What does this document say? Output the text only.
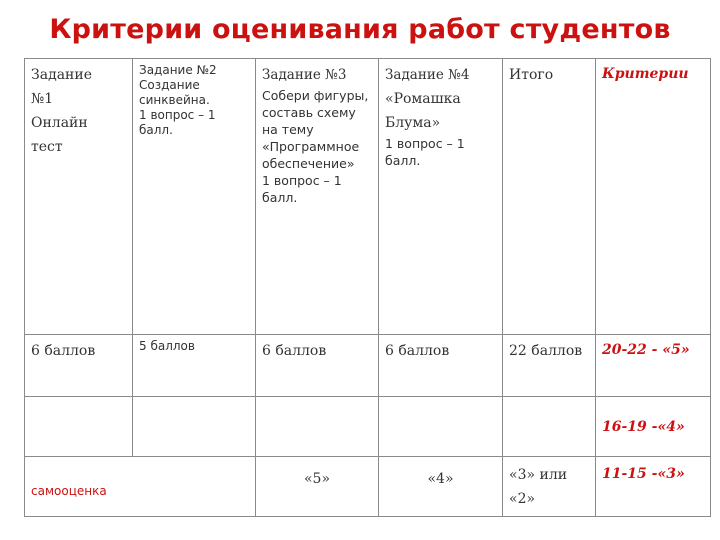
Критерии оценивания работ студентов
Задание
№1
Онлайн
тест	Задание №2
Создание синквейна.
1 вопрос – 1 балл.	Задание №3
Собери фигуры, составь схему на тему «Программное обеспечение»
1 вопрос – 1 балл.	Задание №4
«Ромашка Блума»
1 вопрос – 1 балл.	Итого	Критерии

6 баллов	5 баллов	6 баллов	6 баллов	22 баллов	20-22 - «5»

					16-19 -«4»

самооценка		«5»	«4»	«3» или «2»	11-15 -«3»
